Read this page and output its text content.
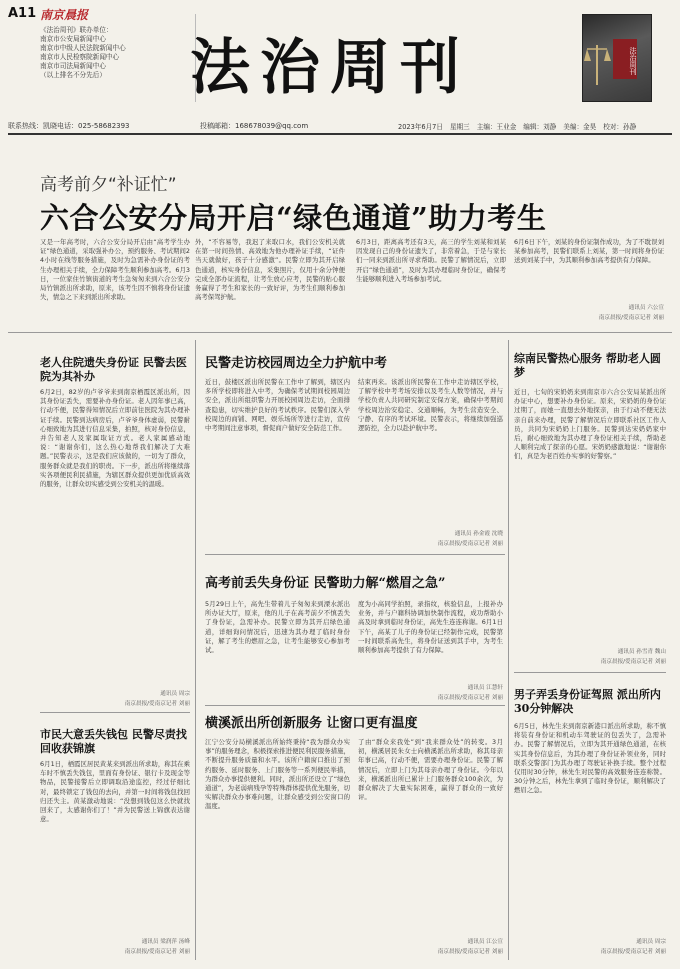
A11 南京晨报
《法治周刊》联办单位：
南京市公安局新闻中心
南京市中级人民法院新闻中心
南京市人民检察院新闻中心
南京市司法局新闻中心
（以上排名不分先后）	法治周刊	法治周刊
联系热线：凯晓电话：025-58682393	投稿邮箱：168678039@qq.com	2023年6月7日 星期三 主编：王业金 编辑：刘静 美编：金昊 校对：孙静
高考前夕“补证忙”
六合公安分局开启“绿色通道”助力考生
又是一年高考时，六合公安分局开启由“高考学生办证”绿色通道，采取强补办公，预约服务、考试期间24小时在线等服务措施，及时为急需补办身份证的考生办理相关手续，全力保障考生顺利参加高考。6月3日，一位家住竹镇街道的考生急匆匆来到六合公安分局竹镇派出所求助，原来，该考生因不慎将身份证遗失，情急之下来到派出所求助。
外，“不容易等，我迟了来取口水，我们公安机关就在第一时间热情、高效地为他办理补证手续，“证件当天就做好，孩子十分感激”。民警立即为其开启绿色通道，核实身份信息，采集照片，仅用十余分钟便完成全部办证流程，让考生放心应考，民警的贴心服务赢得了考生和家长的一致好评，为考生们顺利参加高考保驾护航。
6月3日，距离高考还有3天，高三的学生刘某和刘某因发现自己的身份证遗失了，非常着急，于是与家长们一同来到派出所寻求帮助。民警了解情况后，立即开启“绿色通道”，及时为其办理临时身份证，确保考生能够顺利进入考场参加考试。
6月6日下午，刘某的身份证制作成功，为了不耽误刘某参加高考，民警们联系上刘某，第一时间将身份证送到刘某手中，为其顺利参加高考提供有力保障。
通讯员 六公宣
南京晨报/爱南京记者 刘丽
老人住院遗失身份证 民警去医院为其补办
6月2日，82岁的卢爷爷来到南京栖霞区派出所，因其身份证丢失，需要补办身份证。老人因年事已高，行动不便，民警得知情况后立即前往医院为其办理补证手续。民警到达病房后，卢爷爷身体虚弱，民警耐心细致地为其进行信息采集，拍照，核对身份信息，并告知老人及家属取证方式。老人家属感动地说：“谢谢你们，这么热心地帮我们解决了大难题。”民警表示，这是我们应该做的，一切为了群众，服务群众就是我们的职责。下一步，派出所将继续落实各项便民利民措施，为辖区群众提供更加优质高效的服务，让群众切实感受到公安机关的温暖。
通讯员 周宗
南京晨报/爱南京记者 刘丽
市民大意丢失钱包 民警尽责找回收获锦旗
6月1日，栖霞区居民黄某来到派出所求助，称其在乘车时不慎丢失钱包，里面有身份证、银行卡及现金等物品，民警接警后立即调取沿途监控，经过仔细比对，最终锁定了钱包的去向，并第一时间将钱包找回归还失主。黄某激动地说：“没想到钱包这么快就找回来了，太感谢你们了！”并为民警送上锦旗表达谢意。
通讯员 梁润萍 汤峰
南京晨报/爱南京记者 刘丽
民警走访校园周边全力护航中考
近日，鼓楼区派出所民警在工作中了解到，辖区内多所学校即将进入中考，为确保考试期间校园周边安全，派出所组织警力开展校园周边走访，全面排查隐患，切实维护良好的考试秩序。民警们深入学校周边的商铺、网吧、娱乐场所等进行走访，宣传中考期间注意事项，督促商户做好安全防范工作。
结束再来。该派出所民警在工作中走访辖区学校，了解学校中考考场安排以及考生人数等情况，并与学校负责人共同研究制定安保方案，确保中考期间学校周边治安稳定、交通顺畅，为考生营造安全、宁静、有序的考试环境。民警表示，将继续加强巡逻防控，全力以赴护航中考。
通讯员 孙金霞 沈晓
南京晨报/爱南京记者 刘丽
高考前丢失身份证 民警助力解“燃眉之急”
5月29日上午，高先生带着儿子匆匆来到溧水派出所办证大厅，原来，他的儿子在高考前夕不慎丢失了身份证，急需补办。民警立即为其开启绿色通道，详细询问情况后，迅速为其办理了临时身份证，解了考生的燃眉之急，让考生能够安心参加考试。
度为小高同学拍照，录指纹，核验信息，上报补办业务，并与户籍科协调加快制作流程，成功帮助小高及时拿到临时身份证，高先生连连称谢。6月1日下午，高某了儿子的身份证已经制作完成，民警第一时间联系高先生，将身份证送到其手中，为考生顺利参加高考提供了有力保障。
通讯员 江慧轩
南京晨报/爱南京记者 刘丽
横溪派出所创新服务 让窗口更有温度
江宁公安分局横溪派出所始终秉持“我为群众办实事”的服务理念，积极探索推进便民利民服务措施，不断提升服务质量和水平。该所户籍窗口推出了预约服务、延时服务、上门服务等一系列便民举措，为群众办事提供便利。同时，派出所还设立了“绿色通道”，为老弱病残孕等特殊群体提供优先服务，切实解决群众办事难问题，让群众感受到公安窗口的温度。
了由“群众来我处”到“我来群众处”的转变。3月初，横溪居民朱女士向横溪派出所求助，称其母亲年事已高，行动不便，需要办理身份证。民警了解情况后，立即上门为其母亲办理了身份证。今年以来，横溪派出所已累计上门服务群众100余次，为群众解决了大量实际困难，赢得了群众的一致好评。
通讯员 江公宣
南京晨报/爱南京记者 刘丽
综南民警热心服务 帮助老人圆梦
近日，七旬的宋奶奶来到南京市六合公安局某派出所办证中心，想要补办身份证。原来，宋奶奶的身份证过期了，而她一直想去外地探亲，由于行动不便无法亲自前来办理，民警了解情况后立即联系社区工作人员，共同为宋奶奶上门服务。民警到达宋奶奶家中后，耐心细致地为其办理了身份证相关手续，帮助老人顺利完成了探亲的心愿。宋奶奶感激地说：“谢谢你们，真是为老百姓办实事的好警察。”
通讯员 孙雪青 魏山
南京晨报/爱南京记者 刘丽
男子弄丢身份证驾照 派出所内30分钟解决
6月5日，林先生来到南京新港口派出所求助，称不慎将装有身份证和机动车驾驶证的包丢失了，急需补办。民警了解情况后，立即为其开通绿色通道，在核实其身份信息后，为其办理了身份证补领业务，同时联系交警部门为其办理了驾驶证补换手续。整个过程仅用时30分钟，林先生对民警的高效服务连连称赞。30分钟之后，林先生拿到了临时身份证，顺利解决了燃眉之急。
通讯员 周宗
南京晨报/爱南京记者 刘丽
